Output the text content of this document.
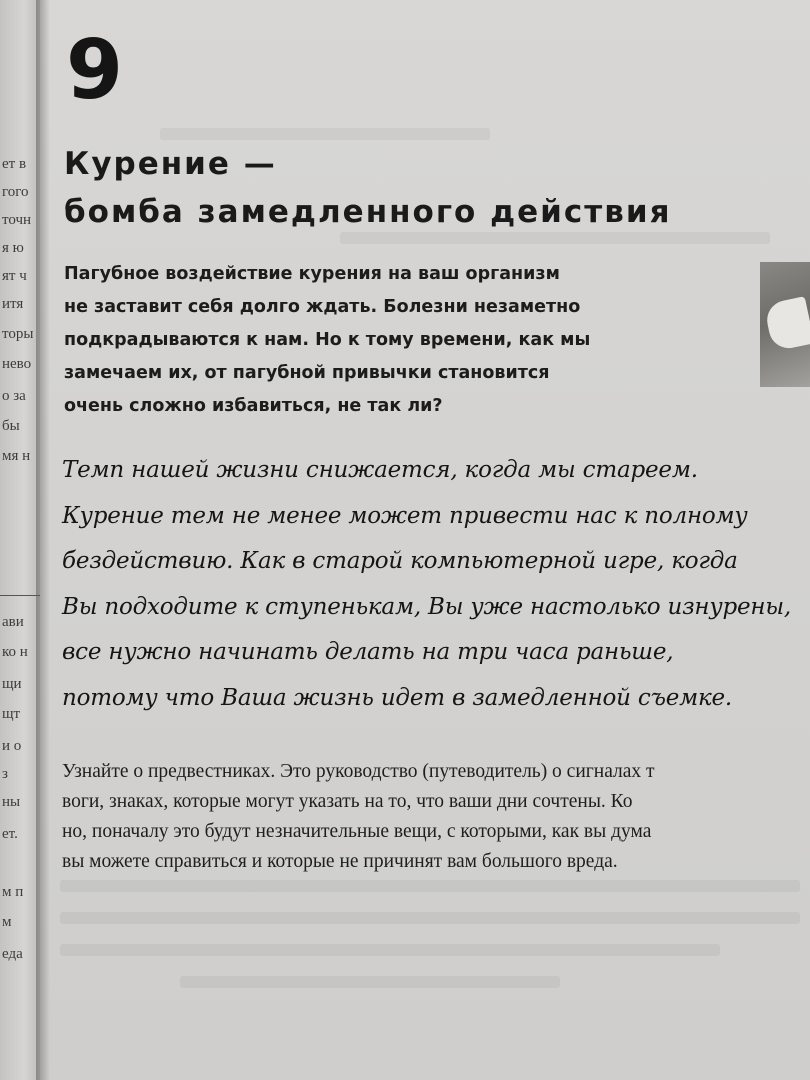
ет в
гого
точн
я ю
ят ч
итя
торы
нево
о за
бы
мя н
ави
ко н
щи
щт
и о
з
ны
ет.
м п
м
еда
9
Курение —
бомба замедленного действия
Пагубное воздействие курения на ваш организм
не заставит себя долго ждать. Болезни незаметно
подкрадываются к нам. Но к тому времени, как мы
замечаем их, от пагубной привычки становится
очень сложно избавиться, не так ли?
Темп нашей жизни снижается, когда мы стареем.
Курение тем не менее может привести нас к полному
бездействию. Как в старой компьютерной игре, когда
Вы подходите к ступенькам, Вы уже настолько изнурены,
все нужно начинать делать на три часа раньше,
потому что Ваша жизнь идет в замедленной съемке.
Узнайте о предвестниках. Это руководство (путеводитель) о сигналах т
воги, знаках, которые могут указать на то, что ваши дни сочтены. Ко
но, поначалу это будут незначительные вещи, с которыми, как вы дума
вы можете справиться и которые не причинят вам большого вреда.
